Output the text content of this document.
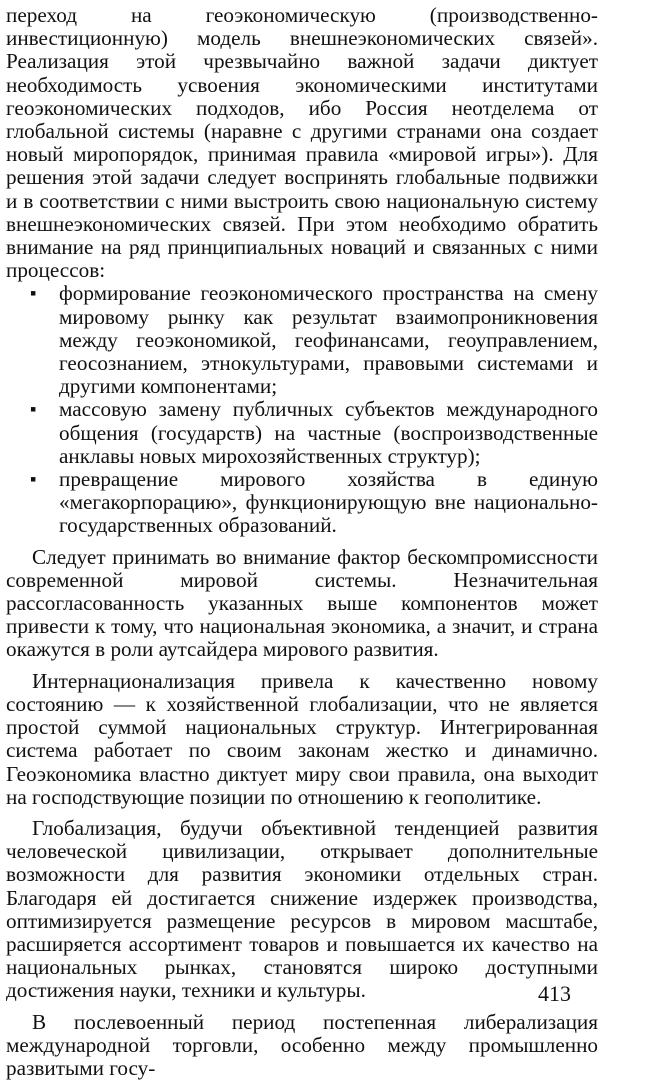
переход на геоэкономическую (производственно-инвестиционную) модель внешнеэкономических связей». Реализация этой чрезвычайно важной задачи диктует необходимость усвоения экономическими институтами геоэкономических подходов, ибо Россия неотделема от глобальной системы (наравне с другими странами она создает новый миропорядок, принимая правила «мировой игры»). Для решения этой задачи следует воспринять глобальные подвижки и в соответствии с ними выстроить свою национальную систему внешнеэкономических связей. При этом необходимо обратить внимание на ряд принципиальных новаций и связанных с ними процессов:

▪ формирование геоэкономического пространства на смену мировому рынку как результат взаимопроникновения между геоэкономикой, геофинансами, геоуправлением, геосознанием, этнокультурами, правовыми системами и другими компонентами;
▪ массовую замену публичных субъектов международного общения (государств) на частные (воспроизводственные анклавы новых мирохозяйственных структур);
▪ превращение мирового хозяйства в единую «мегакорпорацию», функционирующую вне национально-государственных образований.

Следует принимать во внимание фактор бескомпромиссности современной мировой системы. Незначительная рассогласованность указанных выше компонентов может привести к тому, что национальная экономика, а значит, и страна окажутся в роли аутсайдера мирового развития.

Интернационализация привела к качественно новому состоянию — к хозяйственной глобализации, что не является простой суммой национальных структур. Интегрированная система работает по своим законам жестко и динамично. Геоэкономика властно диктует миру свои правила, она выходит на господствующие позиции по отношению к геополитике.

Глобализация, будучи объективной тенденцией развития человеческой цивилизации, открывает дополнительные возможности для развития экономики отдельных стран. Благодаря ей достигается снижение издержек производства, оптимизируется размещение ресурсов в мировом масштабе, расширяется ассортимент товаров и повышается их качество на национальных рынках, становятся широко доступными достижения науки, техники и культуры.

В послевоенный период постепенная либерализация международной торговли, особенно между промышленно развитыми госу-

413
